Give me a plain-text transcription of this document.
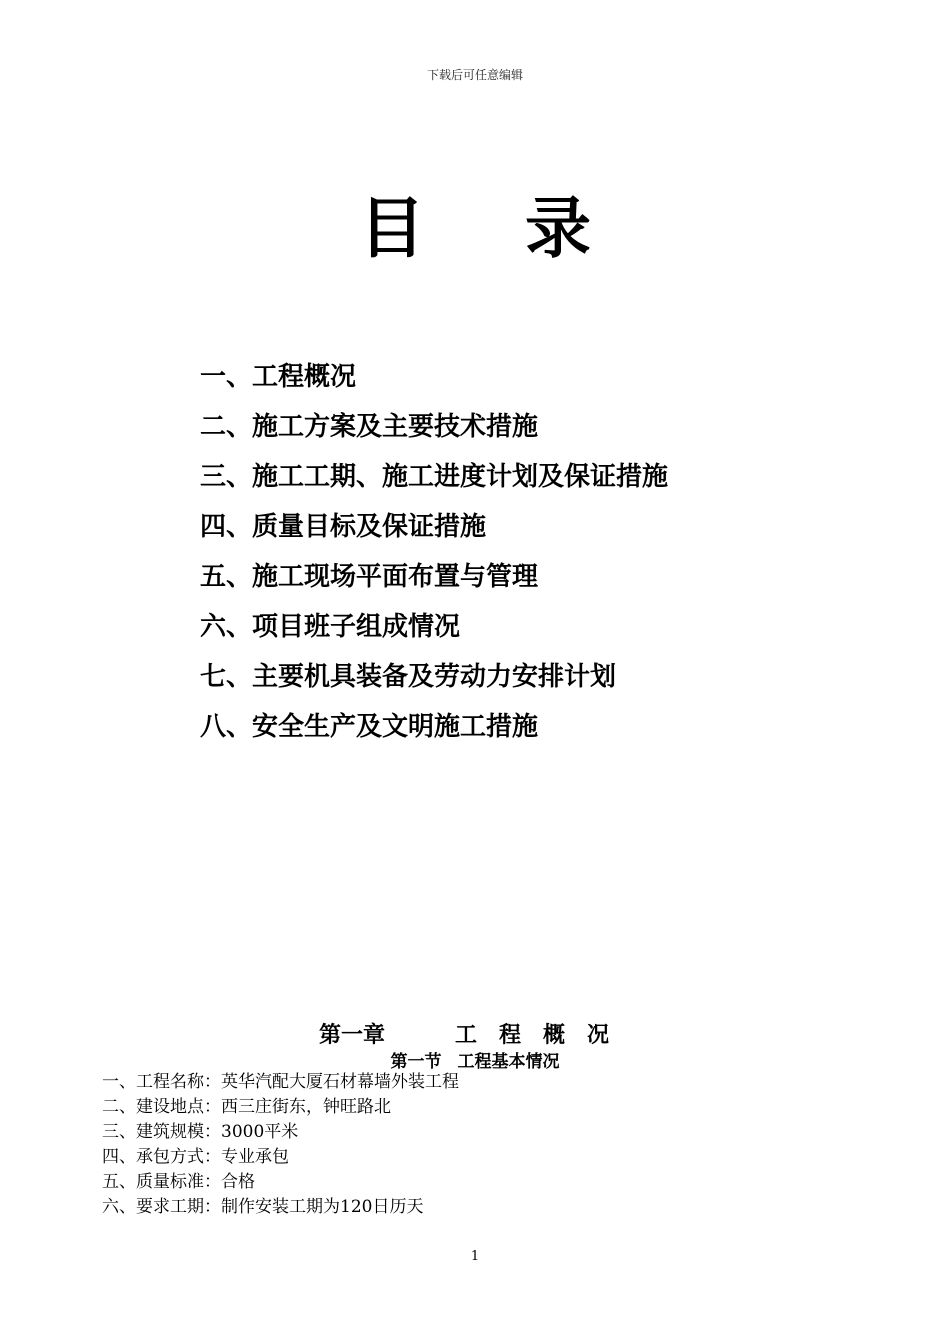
下载后可任意编辑
目 录
一、工程概况
二、施工方案及主要技术措施
三、施工工期、施工进度计划及保证措施
四、质量目标及保证措施
五、施工现场平面布置与管理
六、项目班子组成情况
七、主要机具装备及劳动力安排计划
八、安全生产及文明施工措施
第一章	工程概况
第一节 工程基本情况
一、工程名称：英华汽配大厦石材幕墙外装工程
二、建设地点：西三庄街东，钟旺路北
三、建筑规模：3000平米
四、承包方式：专业承包
五、质量标准：合格
六、要求工期：制作安装工期为120日历天
1
